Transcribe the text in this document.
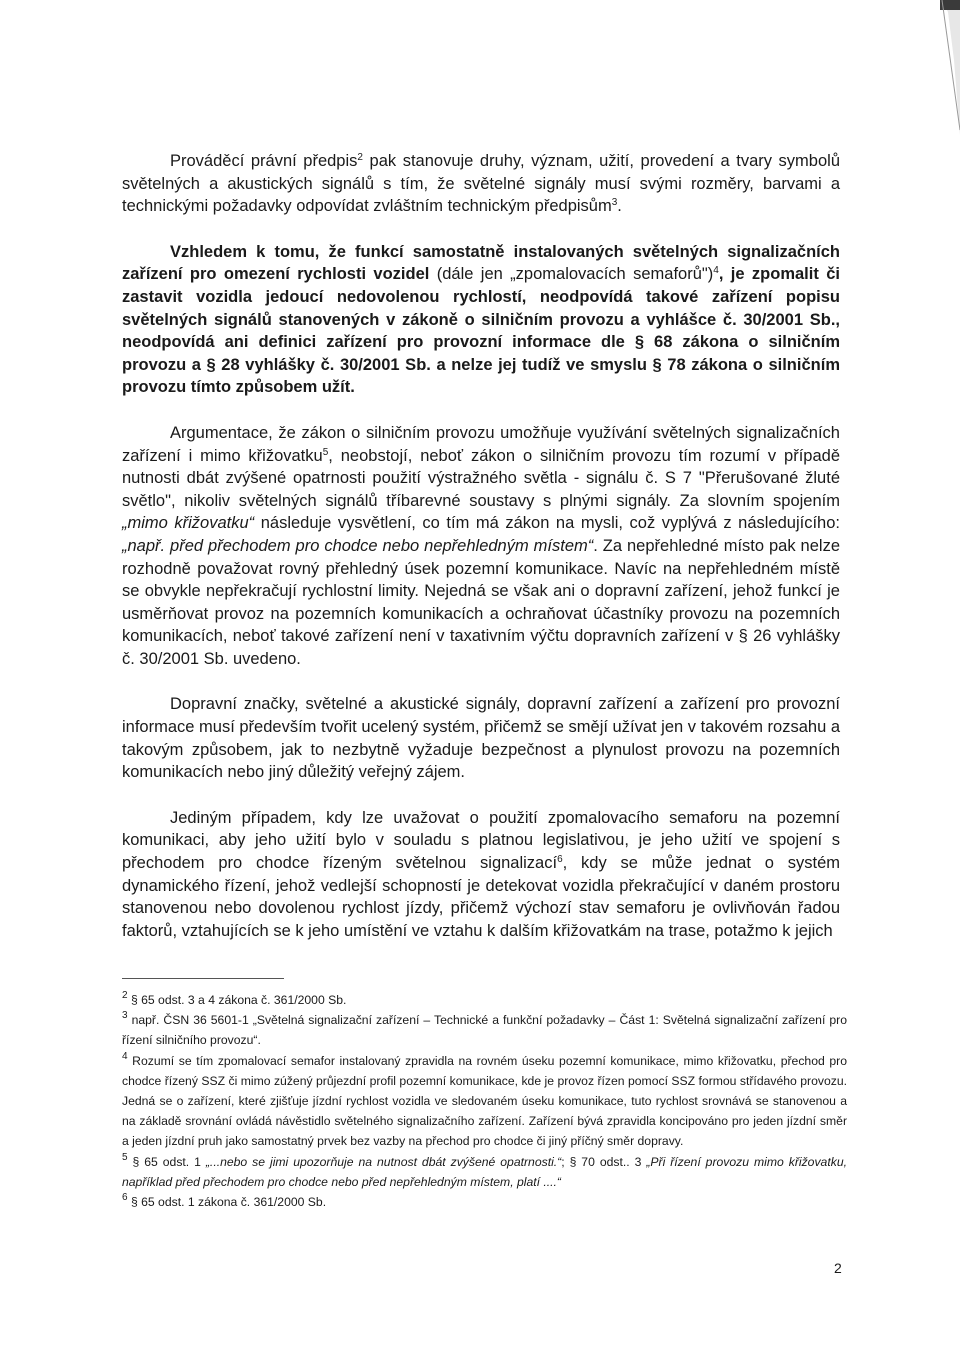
Prováděcí právní předpis$^2$ pak stanovuje druhy, význam, užití, provedení a tvary symbolů světelných a akustických signálů s tím, že světelné signály musí svými rozměry, barvami a technickými požadavky odpovídat zvláštním technickým předpisům$^3$.

Vzhledem k tomu, že funkcí samostatně instalovaných světelných signalizačních zařízení pro omezení rychlosti vozidel (dále jen „zpomalovacích semaforů")$^4$, je zpomalit či zastavit vozidla jedoucí nedovolenou rychlostí, neodpovídá takové zařízení popisu světelných signálů stanovených v zákoně o silničním provozu a vyhlášce č. 30/2001 Sb., neodpovídá ani definici zařízení pro provozní informace dle § 68 zákona o silničním provozu a § 28 vyhlášky č. 30/2001 Sb. a nelze jej tudíž ve smyslu § 78 zákona o silničním provozu tímto způsobem užít.

Argumentace, že zákon o silničním provozu umožňuje využívání světelných signalizačních zařízení i mimo křižovatku$^5$, neobstojí, neboť zákon o silničním provozu tím rozumí v případě nutnosti dbát zvýšené opatrnosti použití výstražného světla - signálu č. S 7 "Přerušované žluté světlo", nikoliv světelných signálů tříbarevné soustavy s plnými signály. Za slovním spojením „mimo křižovatku“ následuje vysvětlení, co tím má zákon na mysli, což vyplývá z následujícího: „např. před přechodem pro chodce nebo nepřehledným místem“. Za nepřehledné místo pak nelze rozhodně považovat rovný přehledný úsek pozemní komunikace. Navíc na nepřehledném místě se obvykle nepřekračují rychlostní limity. Nejedná se však ani o dopravní zařízení, jehož funkcí je usměrňovat provoz na pozemních komunikacích a ochraňovat účastníky provozu na pozemních komunikacích, neboť takové zařízení není v taxativním výčtu dopravních zařízení v § 26 vyhlášky č. 30/2001 Sb. uvedeno.

Dopravní značky, světelné a akustické signály, dopravní zařízení a zařízení pro provozní informace musí především tvořit ucelený systém, přičemž se smějí užívat jen v takovém rozsahu a takovým způsobem, jak to nezbytně vyžaduje bezpečnost a plynulost provozu na pozemních komunikacích nebo jiný důležitý veřejný zájem.

Jediným případem, kdy lze uvažovat o použití zpomalovacího semaforu na pozemní komunikaci, aby jeho užití bylo v souladu s platnou legislativou, je jeho užití ve spojení s přechodem pro chodce řízeným světelnou signalizací$^6$, kdy se může jednat o systém dynamického řízení, jehož vedlejší schopností je detekovat vozidla překračující v daném prostoru stanovenou nebo dovolenou rychlost jízdy, přičemž výchozí stav semaforu je ovlivňován řadou faktorů, vztahujících se k jeho umístění ve vztahu k dalším křižovatkám na trase, potažmo k jejich

$^2$ § 65 odst. 3 a 4 zákona č. 361/2000 Sb.

$^3$ např. ČSN 36 5601-1 „Světelná signalizační zařízení – Technické a funkční požadavky – Část 1: Světelná signalizační zařízení pro řízení silničního provozu“.

$^4$ Rozumí se tím zpomalovací semafor instalovaný zpravidla na rovném úseku pozemní komunikace, mimo křižovatku, přechod pro chodce řízený SSZ či mimo zúžený průjezdní profil pozemní komunikace, kde je provoz řízen pomocí SSZ formou střídavého provozu. Jedná se o zařízení, které zjišťuje jízdní rychlost vozidla ve sledovaném úseku komunikace, tuto rychlost srovnává se stanovenou a na základě srovnání ovládá návěstidlo světelného signalizačního zařízení. Zařízení bývá zpravidla koncipováno pro jeden jízdní směr a jeden jízdní pruh jako samostatný prvek bez vazby na přechod pro chodce či jiný příčný směr dopravy.

$^5$ § 65 odst. 1 „...nebo se jimi upozorňuje na nutnost dbát zvýšené opatrnosti.“; § 70 odst.. 3 „Při řízení provozu mimo křižovatku, například před přechodem pro chodce nebo před nepřehledným místem, platí ....“

$^6$ § 65 odst. 1 zákona č. 361/2000 Sb.

2
